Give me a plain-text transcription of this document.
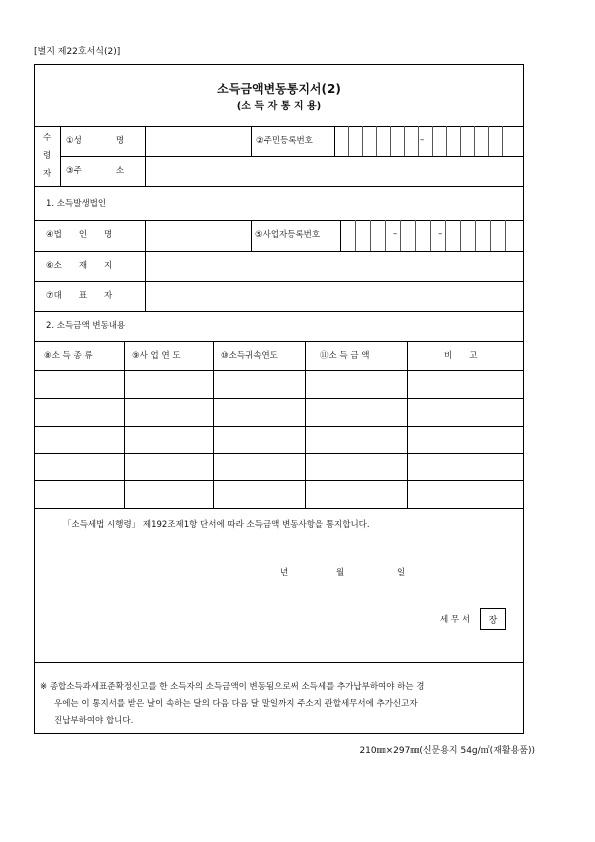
[별지 제22호서식(2)]
소득금액변동통지서(2)
(소 득 자 통 지 용)
수
령
자
①성　　　　명	②주민등록번호	–
③주　　　　소
1. 소득발생법인
④법　　인　　명	⑤사업자등록번호	–	–
⑥소　　재　　지
⑦대　　표　　자
2. 소득금액 변동내용
⑧소 득 종 류	⑨사 업 연 도	⑩소득귀속연도	⑪소 득 금 액	비　　고
「소득세법 시행령」 제192조제1항 단서에 따라 소득금액 변동사항을 통지합니다.
년	월	일
세 무 서	장
※ 종합소득과세표준확정신고를 한 소득자의 소득금액이 변동됨으로써 소득세를 추가납부하여야 하는 경
우에는 이 통지서를 받은 날이 속하는 달의 다음 다음 달 말일까지 주소지 관할세무서에 추가신고자
진납부하여야 합니다.
210㎜×297㎜(신문용지 54g/㎡(재활용품))
